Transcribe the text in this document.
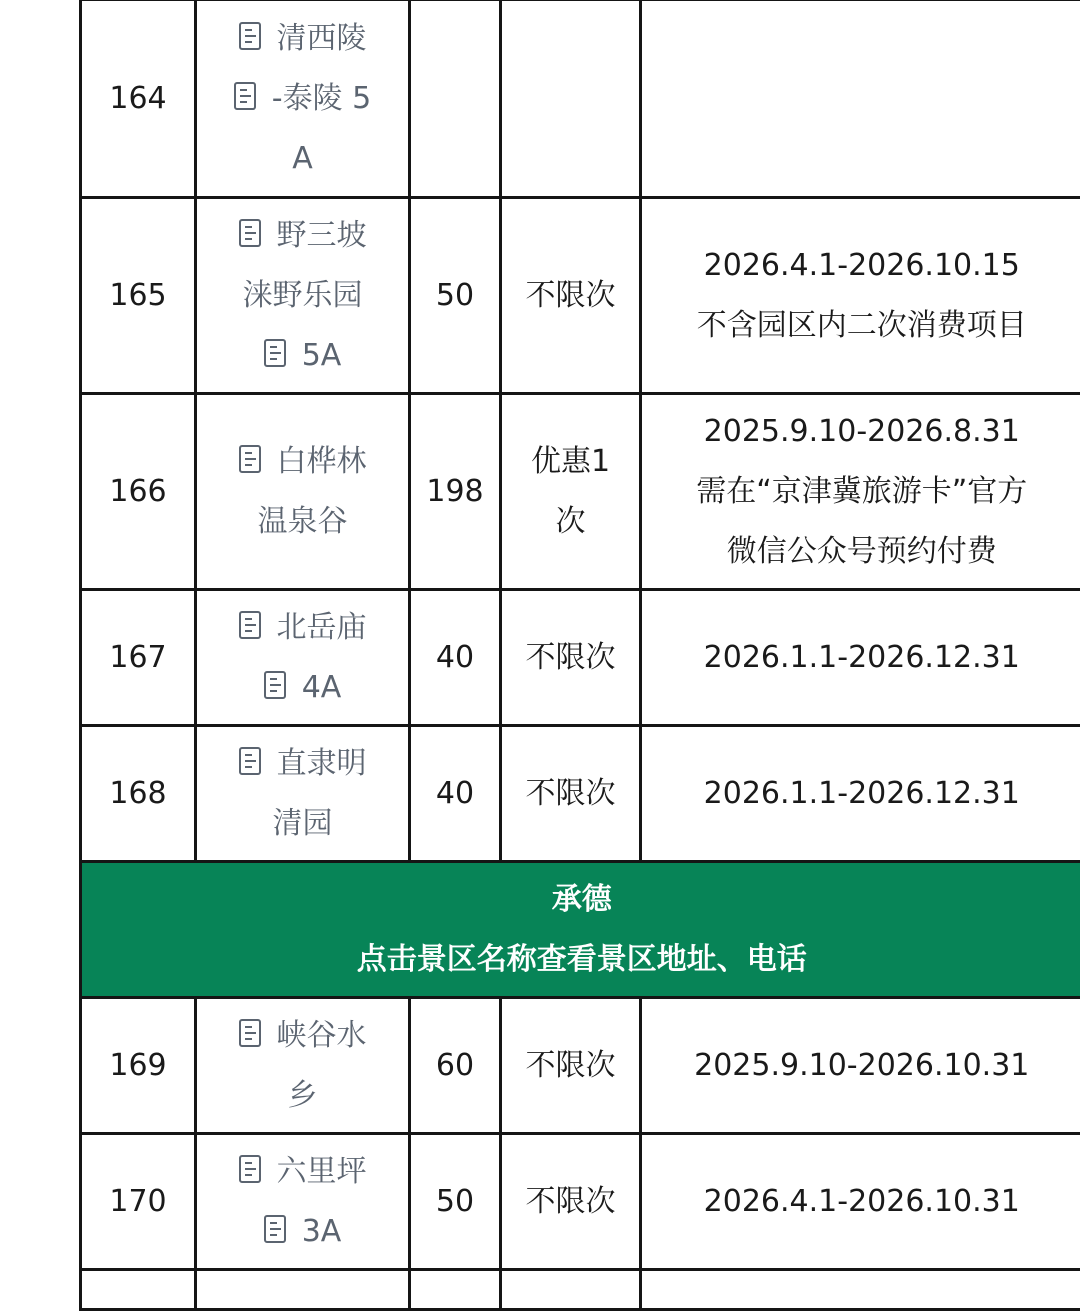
164	清西陵
-泰陵 5
A			

165	野三坡
涞野乐园
5A	50	不限次	2026.4.1-2026.10.15
不含园区内二次消费项目

166	白桦林
温泉谷	198	优惠1次	2025.9.10-2026.8.31
需在“京津冀旅游卡”官方
微信公众号预约付费

167	北岳庙
4A	40	不限次	2026.1.1-2026.12.31

168	直隶明
清园	40	不限次	2026.1.1-2026.12.31

承德
点击景区名称查看景区地址、电话				

169	峡谷水
乡	60	不限次	2025.9.10-2026.10.31

170	六里坪
3A	50	不限次	2026.4.1-2026.10.31
